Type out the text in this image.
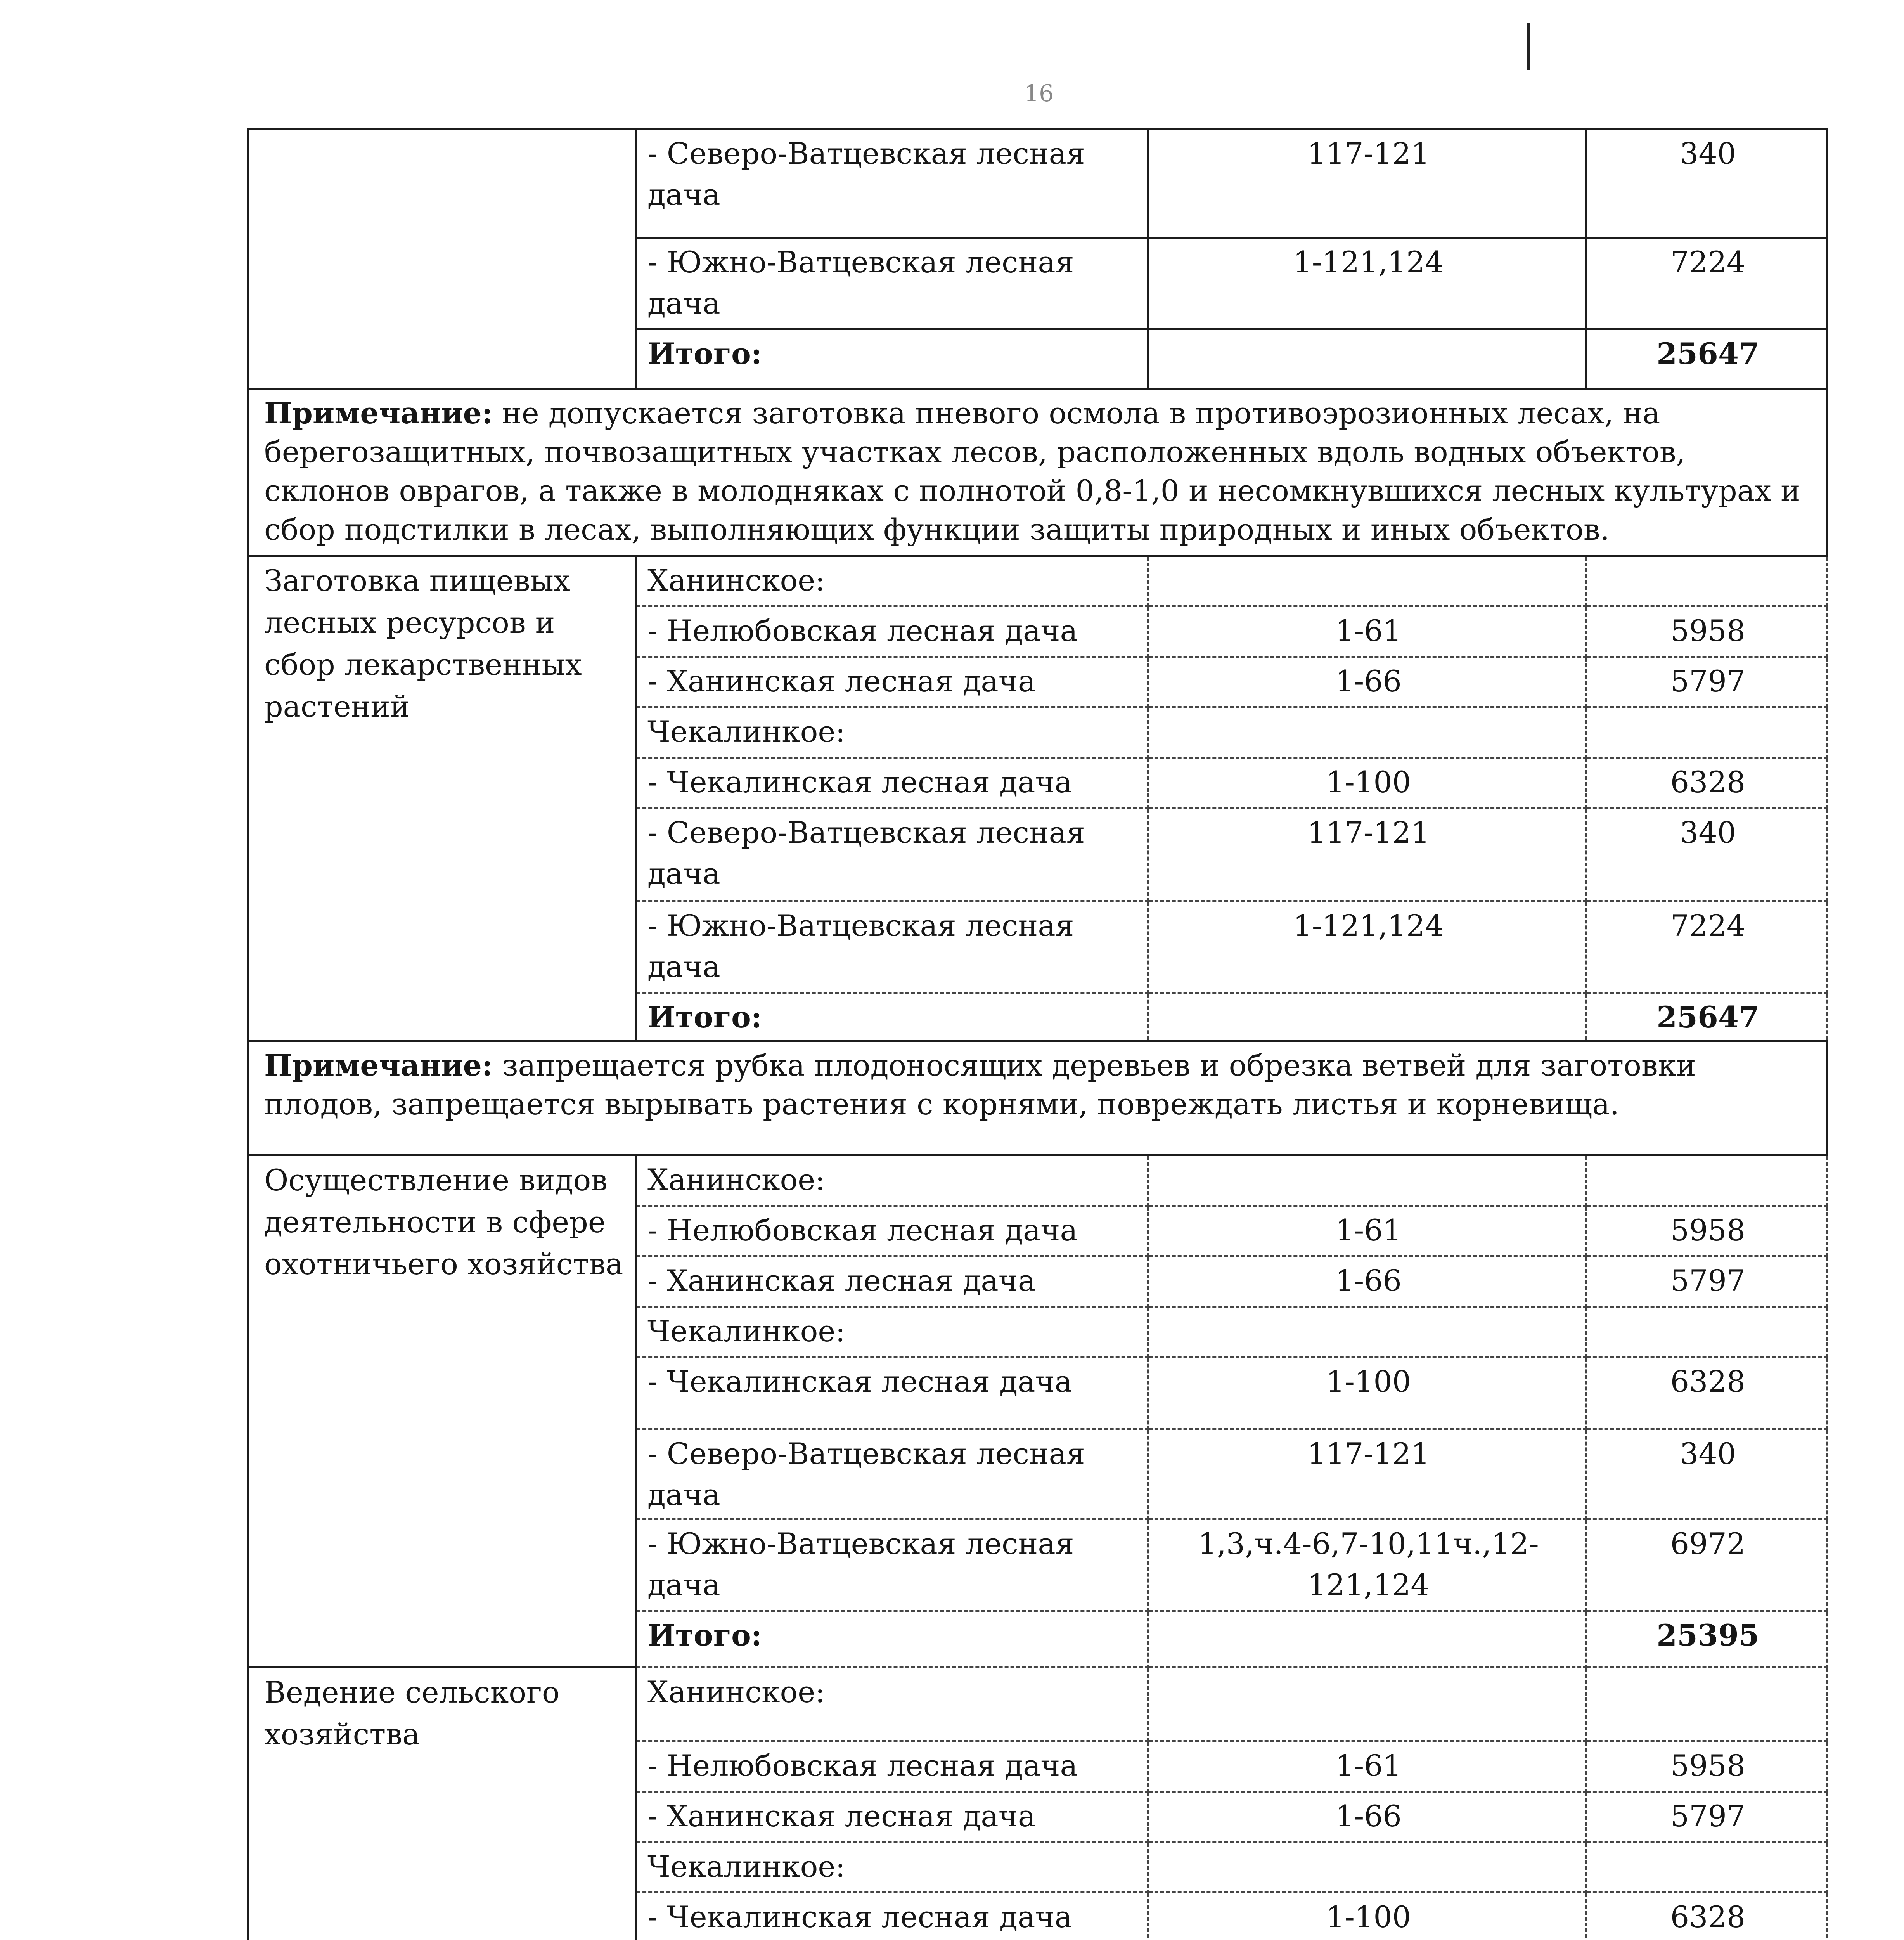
16
	- Северо-Ватцевская лесная дача	117-121	340
	- Южно-Ватцевская лесная дача	1-121,124	7224
	Итого:		25647
Примечание: не допускается заготовка пневого осмола в противоэрозионных лесах, на берегозащитных, почвозащитных участках лесов, расположенных вдоль водных объектов, склонов оврагов, а также в молодняках с полнотой 0,8-1,0 и несомкнувшихся лесных культурах и сбор подстилки в лесах, выполняющих функции защиты природных и иных объектов.			
Заготовка пищевых лесных ресурсов и сбор лекарственных растений	Ханинское:		
	- Нелюбовская лесная дача	1-61	5958
	- Ханинская лесная дача	1-66	5797
	Чекалинкое:		
	- Чекалинская лесная дача	1-100	6328
	- Северо-Ватцевская лесная дача	117-121	340
	- Южно-Ватцевская лесная дача	1-121,124	7224
	Итого:		25647
Примечание: запрещается рубка плодоносящих деревьев и обрезка ветвей для заготовки плодов, запрещается вырывать растения с корнями, повреждать листья и корневища.			
Осуществление видов деятельности в сфере охотничьего хозяйства	Ханинское:		
	- Нелюбовская лесная дача	1-61	5958
	- Ханинская лесная дача	1-66	5797
	Чекалинкое:		
	- Чекалинская лесная дача	1-100	6328
	- Северо-Ватцевская лесная дача	117-121	340
	- Южно-Ватцевская лесная дача	1,3,ч.4-6,7-10,11ч.,12-121,124	6972
	Итого:		25395
Ведение сельского хозяйства	Ханинское:		
	- Нелюбовская лесная дача	1-61	5958
	- Ханинская лесная дача	1-66	5797
	Чекалинкое:		
	- Чекалинская лесная дача	1-100	6328
